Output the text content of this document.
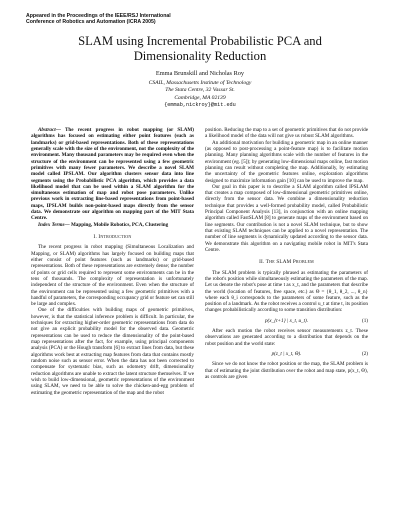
Appeared in the Proceedings of the IEEE/RSJ International
Conference of Robotics and Automation (ICRA 2005)
SLAM using Incremental Probabilistic PCA and
Dimensionality Reduction
Emma Brunskill and Nicholas Roy
CSAIL, Massachusetts Institute of Technology
The Stata Centre, 32 Vassar St.
Cambridge, MA 02139
{emmab,nickroy}@mit.edu

Abstract— The recent progress in robot mapping (or SLAM) algorithms has focused on estimating either point features (such as landmarks) or grid-based representations. Both of these representations generally scale with the size of the environment, not the complexity of the environment. Many thousand parameters may be required even when the structure of the environment can be represented using a few geometric primitives with many fewer parameters. We describe a novel SLAM model called IPSLAM. Our algorithm clusters sensor data into line segments using the Probabilistic PCA algorithm, which provides a data likelihood model that can be used within a SLAM algorithm for the simultaneous estimation of map and robot pose parameters. Unlike previous work in extracting line-based representations from point-based maps, IPSLAM builds non-point-based maps directly from the sensor data. We demonstrate our algorithm on mapping part of the MIT Stata Centre.

Index Terms— Mapping, Mobile Robotics, PCA, Clustering

I. Introduction

The recent progress in robot mapping (Simultaneous Localization and Mapping, or SLAM) algorithms has largely focused on building maps that either consist of point features (such as landmarks) or grid-based representations. Both of these representations are extremely dense; the number of points or grid cells required to represent some environments can be in the tens of thousands. The complexity of representation is unfortunately independent of the structure of the environment. Even when the structure of the environment can be represented using a few geometric primitives with a handful of parameters, the corresponding occupancy grid or feature set can still be large and complex.

One of the difficulties with building maps of geometric primitives, however, is that the statistical inference problem is difficult. In particular, the techniques for extracting higher-order geometric representations from data do not give an explicit probability model for the observed data. Geometric representations can be used to reduce the dimensionality of the point-based map representations after the fact, for example, using principal components analysis (PCA) or the Hough transform [6] to extract lines from data, but these algorithms work best at extracting map features from data that contains mostly random noise such as sensor error. When the data has not been corrected to compensate for systematic bias, such as odometry drift, dimensionality reduction algorithms are unable to extract the latent structure themselves. If we wish to build low-dimensional, geometric representations of the environment using SLAM, we need to be able to solve the chicken-and-egg problem of estimating the geometric representation of the map and the robot

position. Reducing the map to a set of geometric primitives that do not provide a likelihood model of the data will not give us robust SLAM algorithms.

An additional motivation for building a geometric map in an online manner (as opposed to post-processing a point-feature map) is to facilitate motion planning. Many planning algorithms scale with the number of features in the environment (eg. [5]); by generating low-dimensional maps online, fast motion planning can result without completing the map. Additionally, by estimating the uncertainty of the geometric features online, exploration algorithms designed to maximize information gain [10] can be used to improve the map.

Our goal in this paper is to describe a SLAM algorithm called IPSLAM that creates a map composed of low-dimensional geometric primitives online, directly from the sensor data. We combine a dimensionality reduction technique that provides a well-formed probability model, called Probabilistic Principal Component Analysis [13], in conjunction with an online mapping algorithm called FastSLAM [8] to generate maps of the environment based on line segments. Our contribution is not a novel SLAM technique, but to show that existing SLAM techniques can be applied to a novel representation. The number of line segments is dynamically updated according to the sensor data. We demonstrate this algorithm on a navigating mobile robot in MIT's Stata Centre.

II. The SLAM Problem

The SLAM problem is typically phrased as estimating the parameters of the robot's position while simultaneously estimating the parameters of the map. Let us denote the robot's pose at time t as x_t, and the parameters that describe the world (location of features, free space, etc.) as Θ = {θ_1, θ_2, ..., θ_n} where each θ_i corresponds to the parameters of some feature, such as the position of a landmark. As the robot receives a control u_t at time t, its position changes probabilistically according to some transition distribution:

p(x_{t+1} | x_t, u_t).	(1)

After each motion the robot receives sensor measurements z_t. These observations are generated according to a distribution that depends on the robot position and the world state:

p(z_t | x_t, Θ).	(2)

Since we do not know the robot position or the map, the SLAM problem is that of estimating the joint distribution over the robot and map state, p(x_t, Θ), as controls are given
